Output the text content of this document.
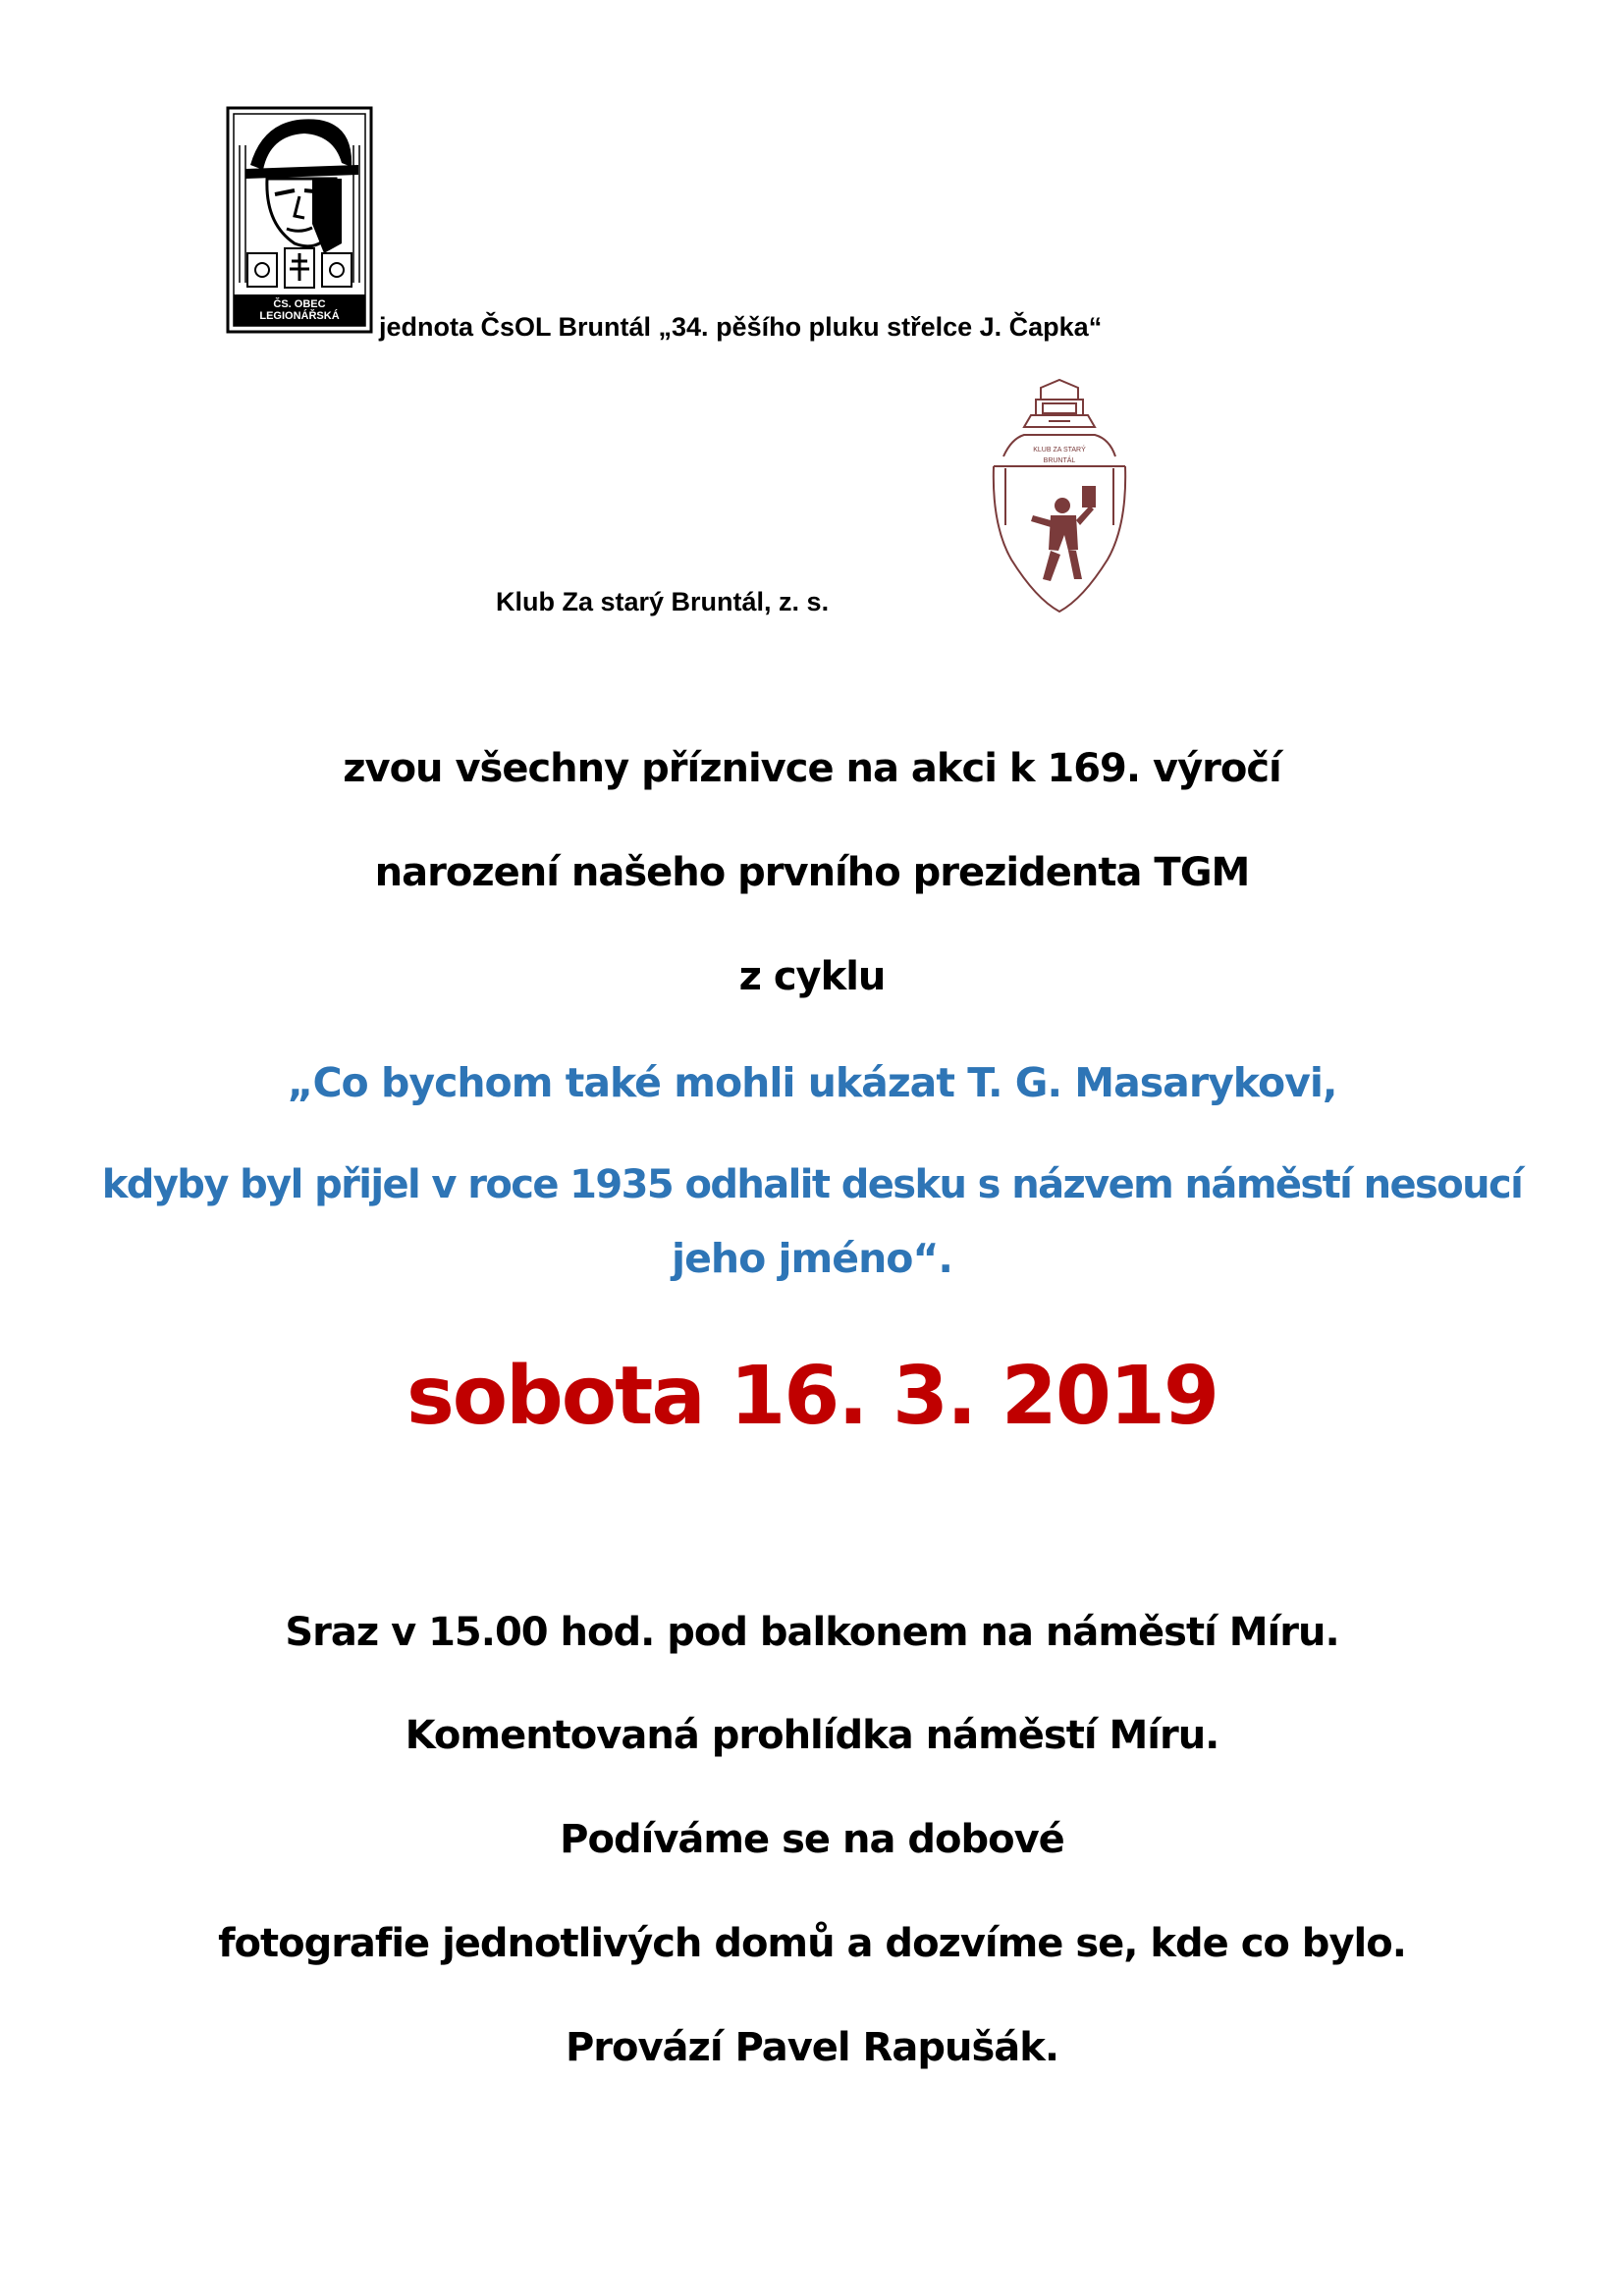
ČS. OBEC LEGIONÁŘSKÁ	jednota ČsOL Bruntál „34. pěšího pluku střelce J. Čapka“
KLUB ZA STARÝ
BRUNTÁL
Klub Za starý Bruntál, z. s.
zvou všechny příznivce na akci k 169. výročí
narození našeho prvního prezidenta TGM
z cyklu
„Co bychom také mohli ukázat T. G. Masarykovi,
kdyby byl přijel v roce 1935 odhalit desku s názvem náměstí nesoucí
jeho jméno“.
sobota 16. 3. 2019
Sraz v 15.00 hod. pod balkonem na náměstí Míru.
Komentovaná prohlídka náměstí Míru.
Podíváme se na dobové
fotografie jednotlivých domů a dozvíme se, kde co bylo.
Provází Pavel Rapušák.
